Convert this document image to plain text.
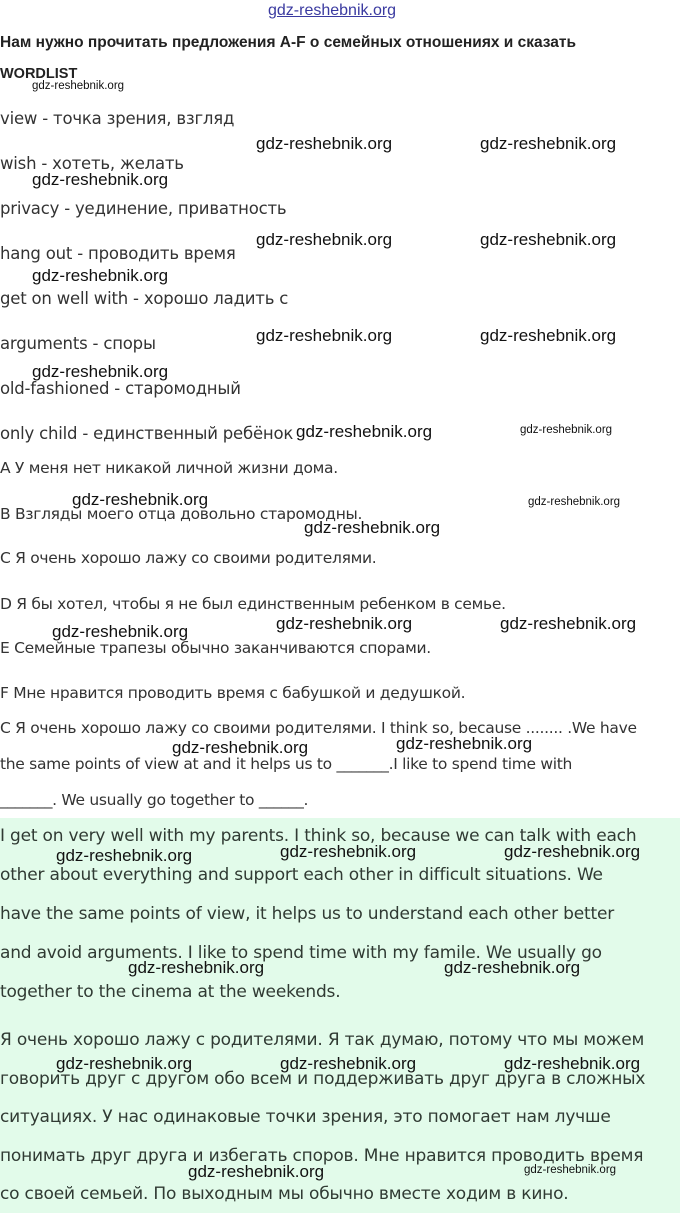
gdz-reshebnik.org
Нам нужно прочитать предложения А-F о семейных отношениях и сказать
WORDLIST
view - точка зрения, взгляд
wish - хотеть, желать
privacy - уединение, приватность
hang out - проводить время
get on well with - хорошо ладить с
arguments - споры
old-fashioned - старомодный
only child - единственный ребёнок
A У меня нет никакой личной жизни дома.
B Взгляды моего отца довольно старомодны.
C Я очень хорошо лажу со своими родителями.
D Я бы хотел, чтобы я не был единственным ребенком в семье.
E Семейные трапезы обычно заканчиваются спорами.
F Мне нравится проводить время с бабушкой и дедушкой.
C Я очень хорошо лажу со своими родителями. I think so, because ........ .We have
the same points of view at and it helps us to _______.I like to spend time with
_______. We usually go together to ______.
I get on very well with my parents. I think so, because we can talk with each
other about everything and support each other in difficult situations. We
have the same points of view, it helps us to understand each other better
and avoid arguments. I like to spend time with my famile. We usually go
together to the cinema at the weekends.
Я очень хорошо лажу с родителями. Я так думаю, потому что мы можем
говорить друг с другом обо всем и поддерживать друг друга в сложных
ситуациях. У нас одинаковые точки зрения, это помогает нам лучше
понимать друг друга и избегать споров. Мне нравится проводить время
со своей семьей. По выходным мы обычно вместе ходим в кино.
gdz-reshebnik.org
gdz-reshebnik.org	gdz-reshebnik.org
gdz-reshebnik.org
gdz-reshebnik.org	gdz-reshebnik.org
gdz-reshebnik.org
gdz-reshebnik.org	gdz-reshebnik.org
gdz-reshebnik.org
gdz-reshebnik.org	gdz-reshebnik.org
gdz-reshebnik.org	gdz-reshebnik.org
gdz-reshebnik.org
gdz-reshebnik.org	gdz-reshebnik.org
gdz-reshebnik.org
gdz-reshebnik.org
gdz-reshebnik.org
gdz-reshebnik.org	gdz-reshebnik.org
gdz-reshebnik.org
gdz-reshebnik.org	gdz-reshebnik.org
gdz-reshebnik.org	gdz-reshebnik.org	gdz-reshebnik.org
gdz-reshebnik.org	gdz-reshebnik.org
